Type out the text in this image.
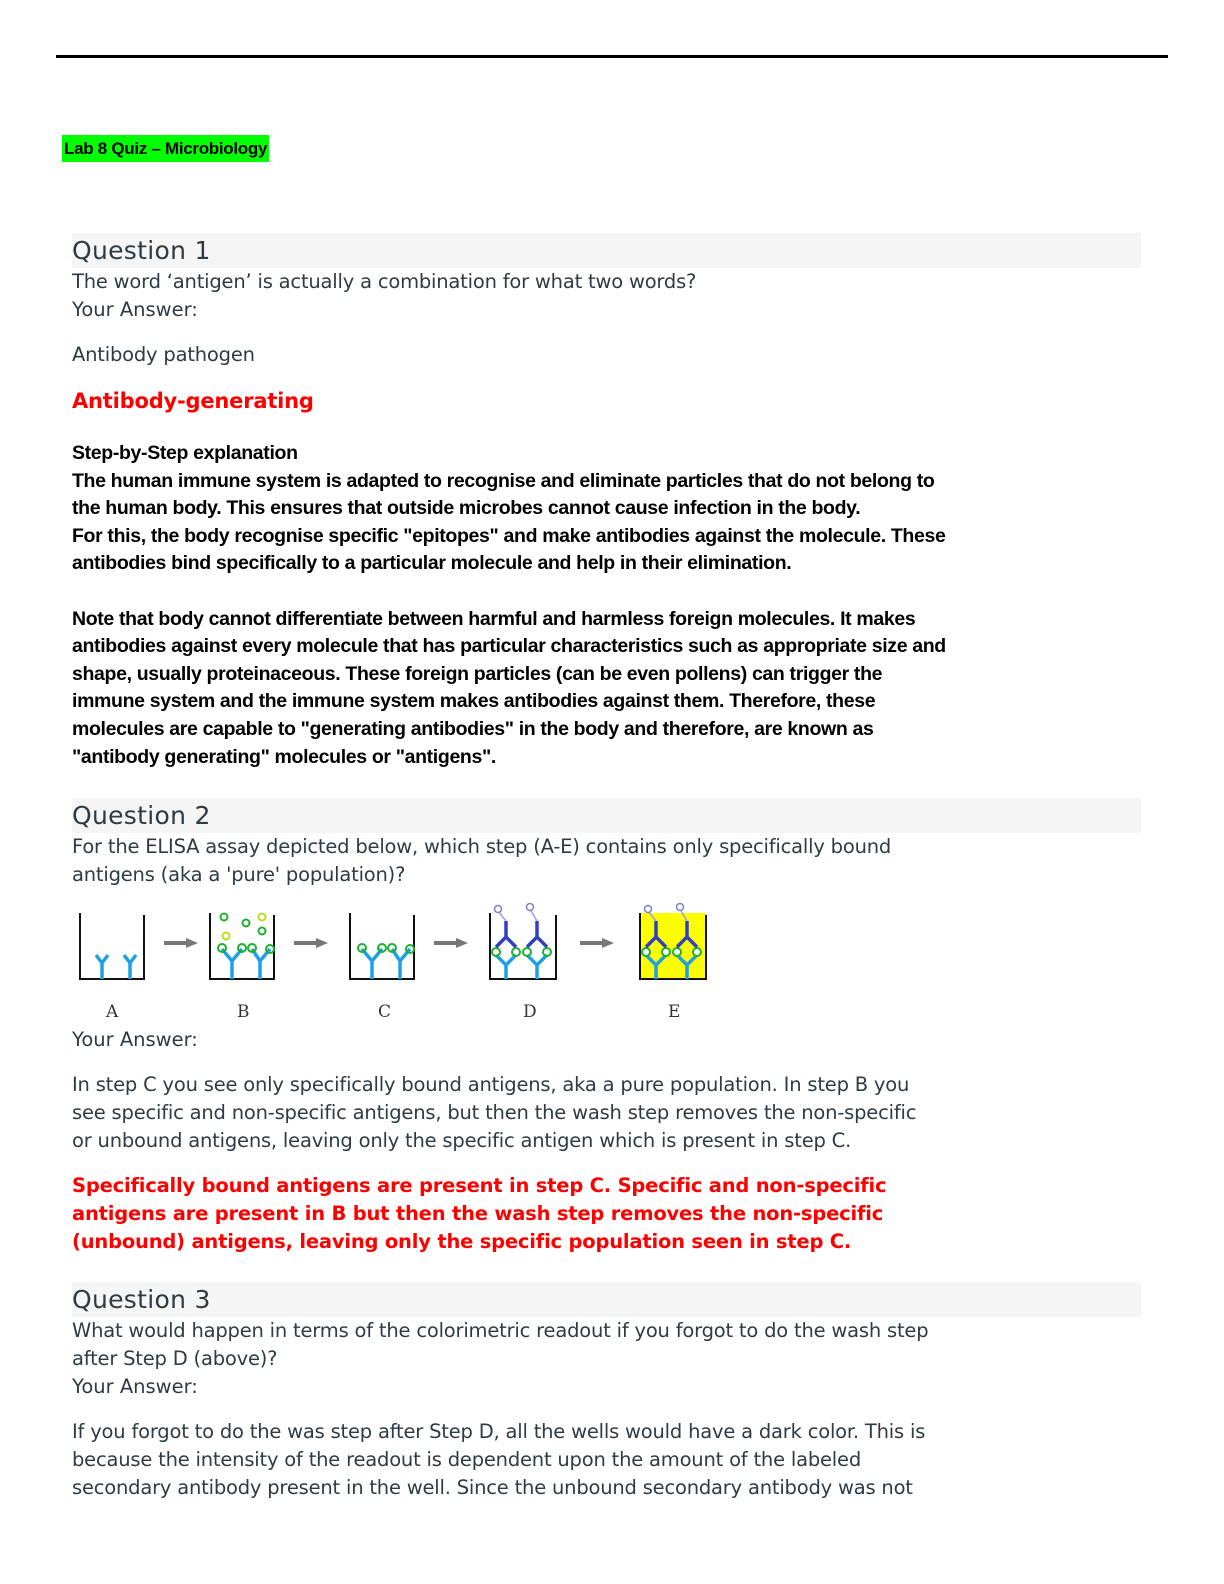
Lab 8 Quiz – Microbiology
Question 1
The word ‘antigen’ is actually a combination for what two words?
Your Answer:
Antibody pathogen
Antibody-generating
Step-by-Step explanation
The human immune system is adapted to recognise and eliminate particles that do not belong to
the human body. This ensures that outside microbes cannot cause infection in the body.
For this, the body recognise specific "epitopes" and make antibodies against the molecule. These
antibodies bind specifically to a particular molecule and help in their elimination.
Note that body cannot differentiate between harmful and harmless foreign molecules. It makes
antibodies against every molecule that has particular characteristics such as appropriate size and
shape, usually proteinaceous. These foreign particles (can be even pollens) can trigger the
immune system and the immune system makes antibodies against them. Therefore, these
molecules are capable to "generating antibodies" in the body and therefore, are known as
"antibody generating" molecules or "antigens".
Question 2
For the ELISA assay depicted below, which step (A-E) contains only specifically bound
antigens (aka a 'pure' population)?
A	B	C	D	E
Your Answer:
In step C you see only specifically bound antigens, aka a pure population. In step B you
see specific and non-specific antigens, but then the wash step removes the non-specific
or unbound antigens, leaving only the specific antigen which is present in step C.
Specifically bound antigens are present in step C. Specific and non-specific
antigens are present in B but then the wash step removes the non-specific
(unbound) antigens, leaving only the specific population seen in step C.
Question 3
What would happen in terms of the colorimetric readout if you forgot to do the wash step
after Step D (above)?
Your Answer:
If you forgot to do the was step after Step D, all the wells would have a dark color. This is
because the intensity of the readout is dependent upon the amount of the labeled
secondary antibody present in the well. Since the unbound secondary antibody was not
